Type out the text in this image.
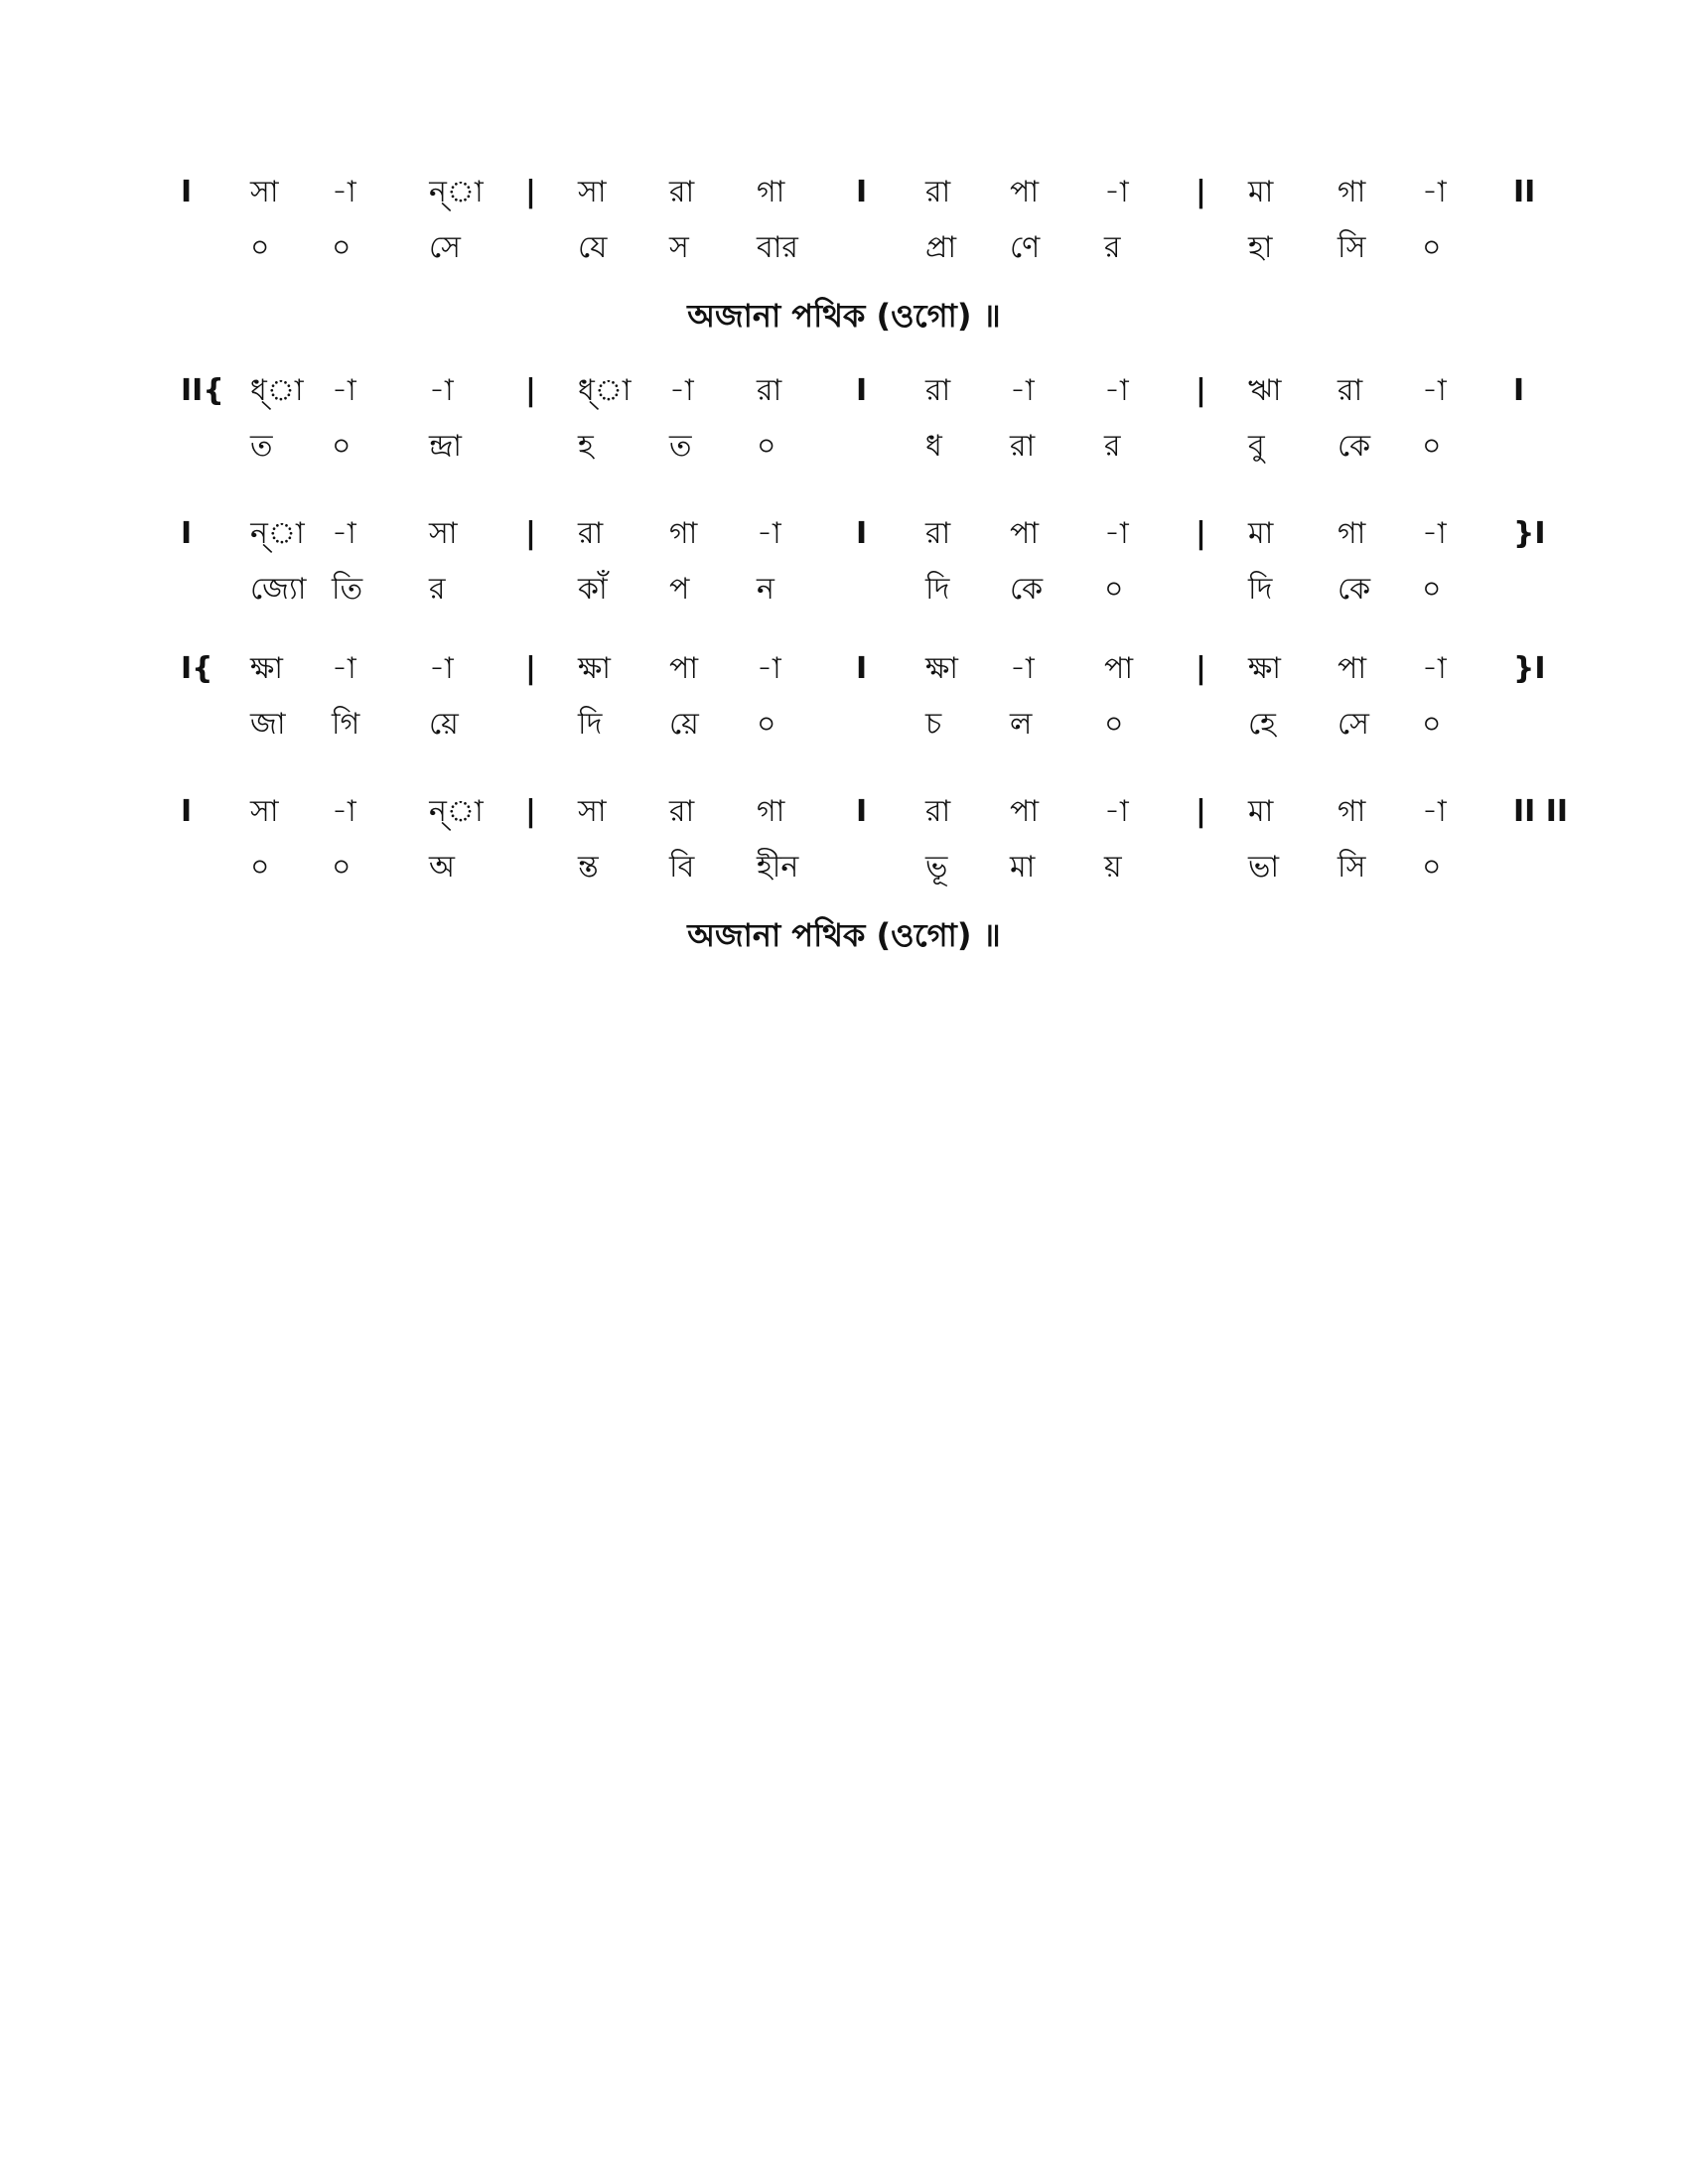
I সা -া ন্া | সা রা গা I রা পা -া | মা গা -া II
০ ০	সে	যে স বার	প্রা ণে র	হা সি ০
অজানা পথিক (ওগো) ॥
II{ ধ্া -া -া | ধ্া -া রা I রা -া -া | ঋা রা -া I
ত ০	ন্দ্রা	হ	ত ০	ধ রা র	বু কে ০
I ন্া -া সা | রা গা -া	I রা পা -া | মা গা -া }I
জ্যো তি র	কাঁ প ন	দি কে ০	দি কে ০
I{ ক্ষা -া -া | ক্ষা পা -া	I ক্ষা -া পা | ক্ষা পা -া }I
জা গি য়ে	দি য়ে ০	চ ল ০	হে সে ০
I সা -া ন্া | সা রা গা I রা পা -া | মা গা -া II II
০ ০	অ	ন্ত বি হীন	ভূ মা য়	ভা সি ০
অজানা পথিক (ওগো) ॥
